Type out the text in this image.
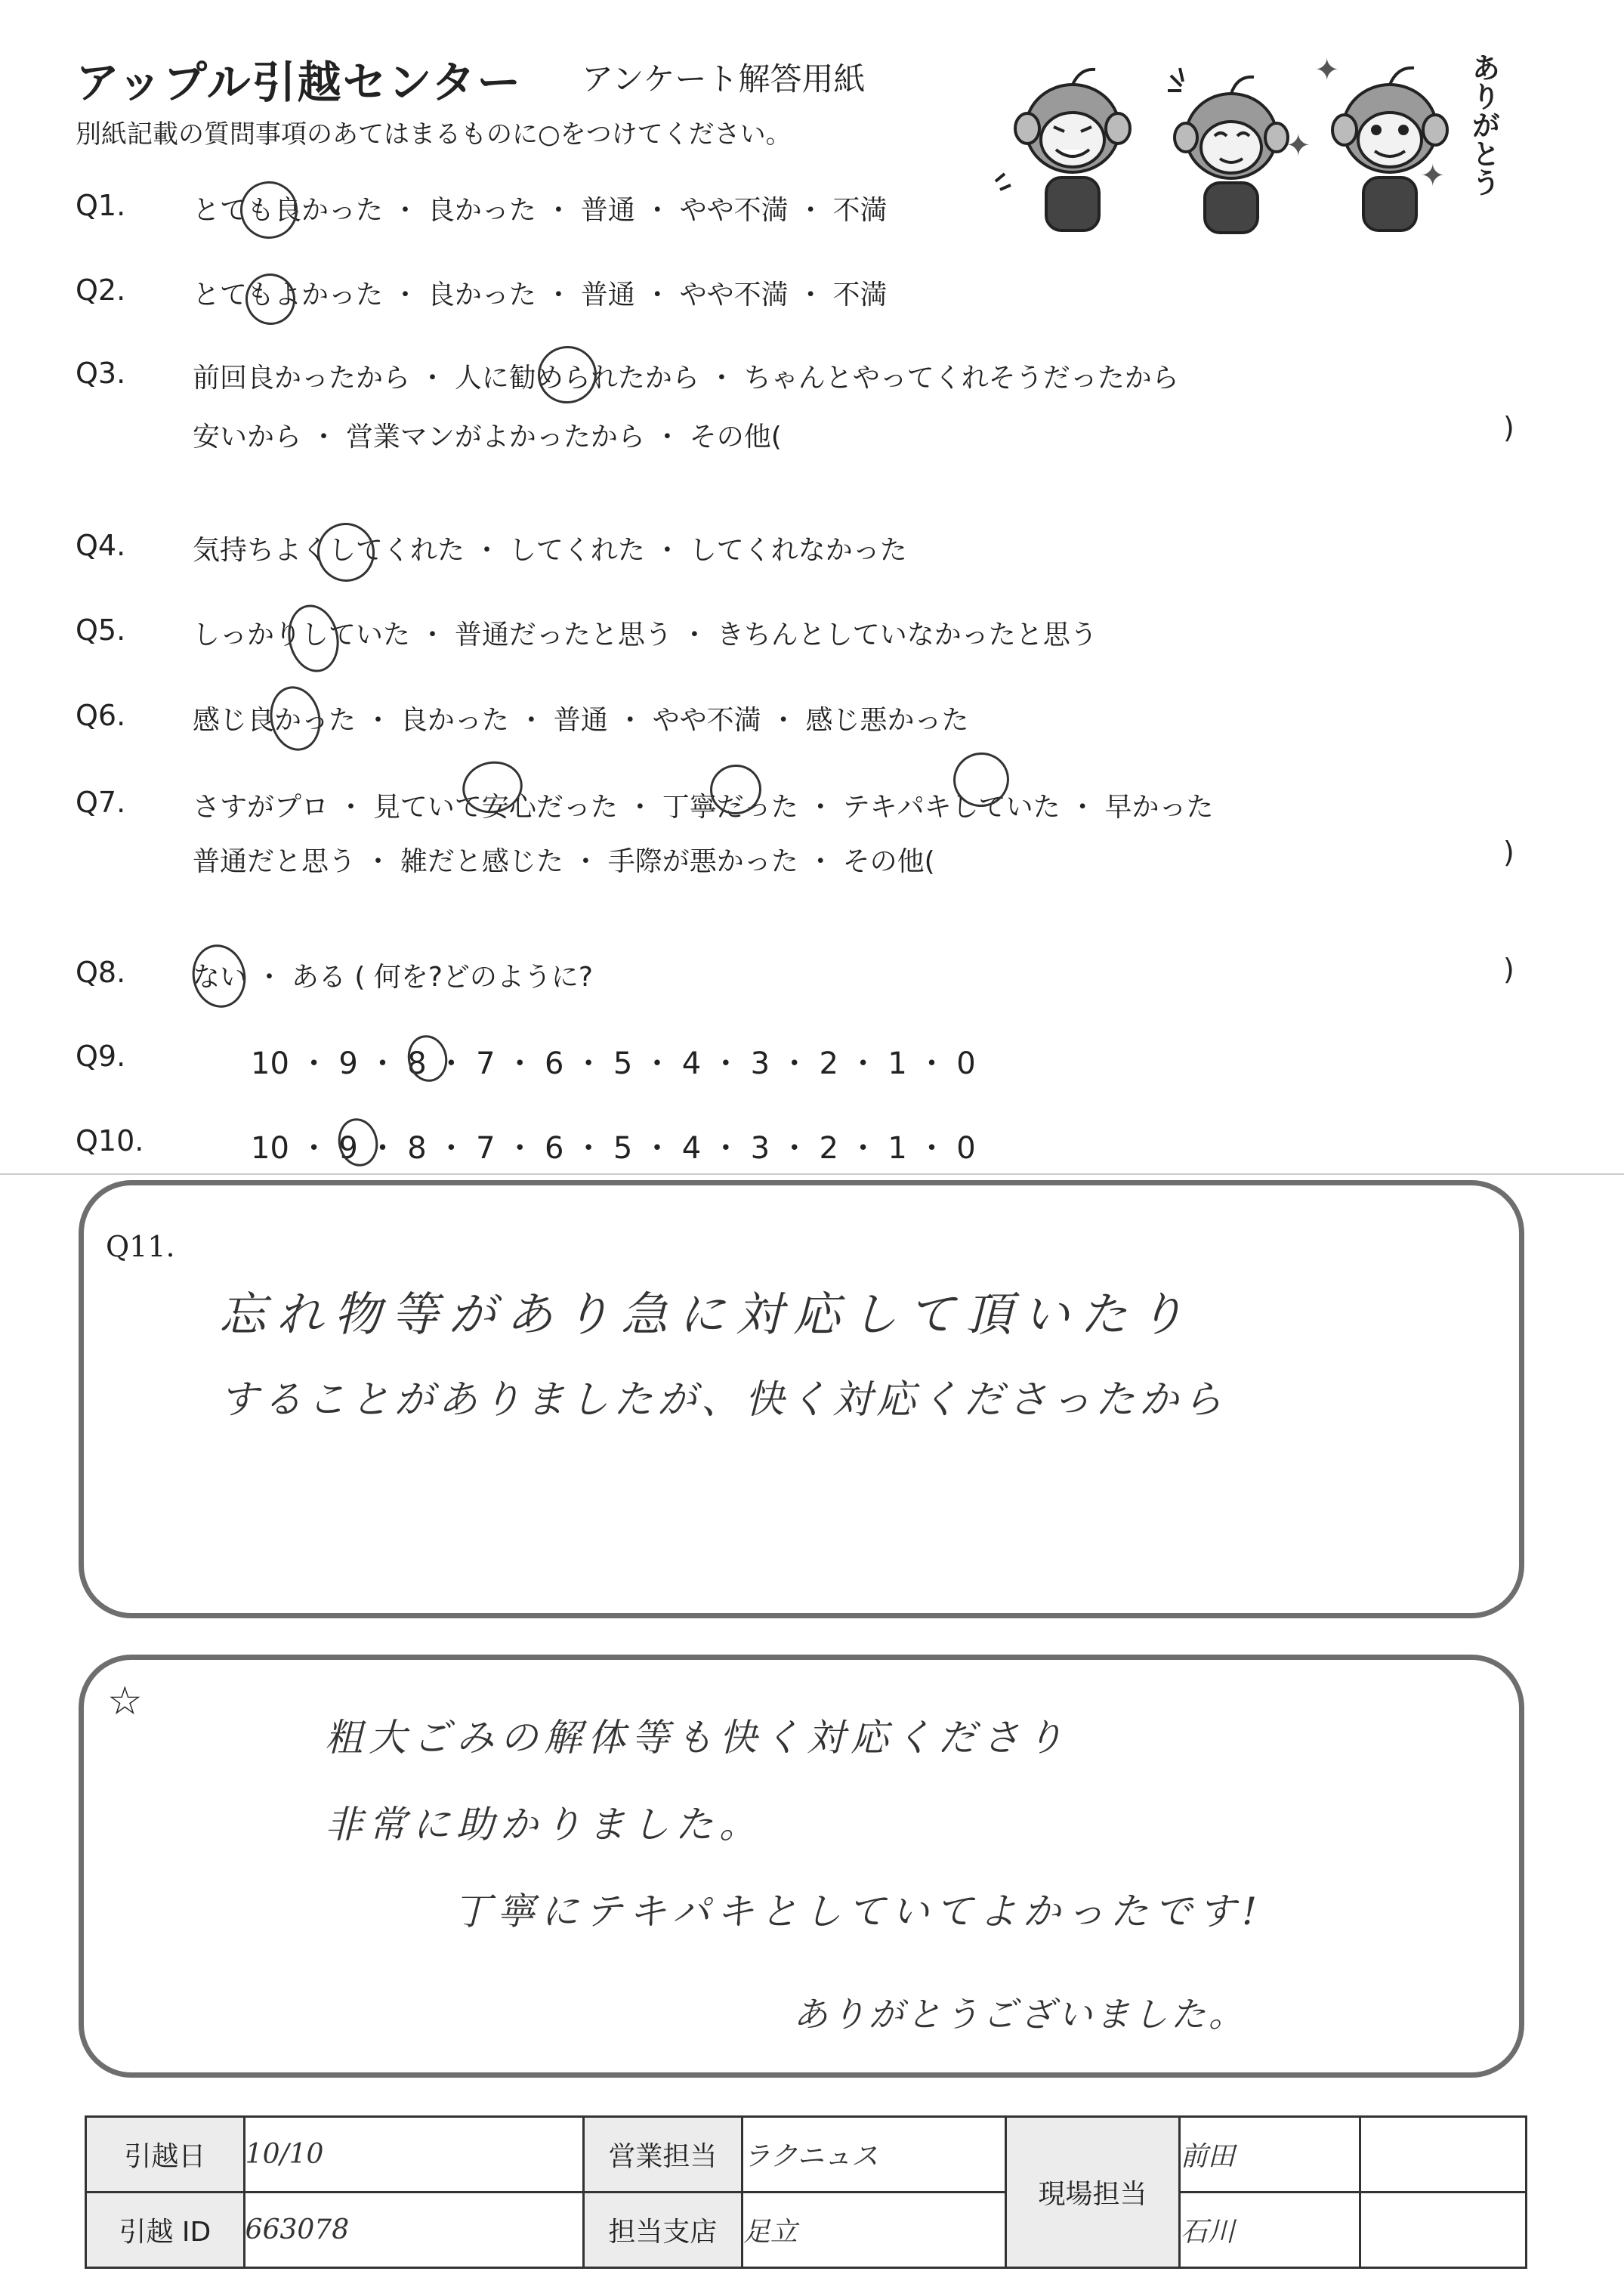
アップル引越センター アンケート解答用紙
別紙記載の質問事項のあてはまるものに○をつけてください。
✦
✦
✦ ありがとう
Q1.	とても良かった ・ 良かった ・ 普通 ・ やや不満 ・ 不満
Q2.	とてもよかった ・ 良かった ・ 普通 ・ やや不満 ・ 不満
Q3.	前回良かったから ・ 人に勧められたから ・ ちゃんとやってくれそうだったから
安いから ・ 営業マンがよかったから ・ その他(	)
Q4.	気持ちよくしてくれた ・ してくれた ・ してくれなかった
Q5.	しっかりしていた ・ 普通だったと思う ・ きちんとしていなかったと思う
Q6.	感じ良かった ・ 良かった ・ 普通 ・ やや不満 ・ 感じ悪かった
Q7.	さすがプロ ・ 見ていて安心だった ・ 丁寧だった ・ テキパキしていた ・ 早かった
普通だと思う ・ 雑だと感じた ・ 手際が悪かった ・ その他(	)
Q8.	ない ・ ある ( 何を?どのように?	)
Q9.	10 ・ 9 ・ 8 ・ 7 ・ 6 ・ 5 ・ 4 ・ 3 ・ 2 ・ 1 ・ 0
Q10.	10 ・ 9 ・ 8 ・ 7 ・ 6 ・ 5 ・ 4 ・ 3 ・ 2 ・ 1 ・ 0
Q11.
忘れ物等があり急に対応して頂いたり
することがありましたが、快く対応くださったから
☆
粗大ごみの解体等も快く対応くださり
非常に助かりました。
丁寧にテキパキとしていてよかったです!
ありがとうございました。
引越日	10/10	営業担当	ラクニュス	現場担当	前田	
引越 ID	663078	担当支店	足立		石川	
